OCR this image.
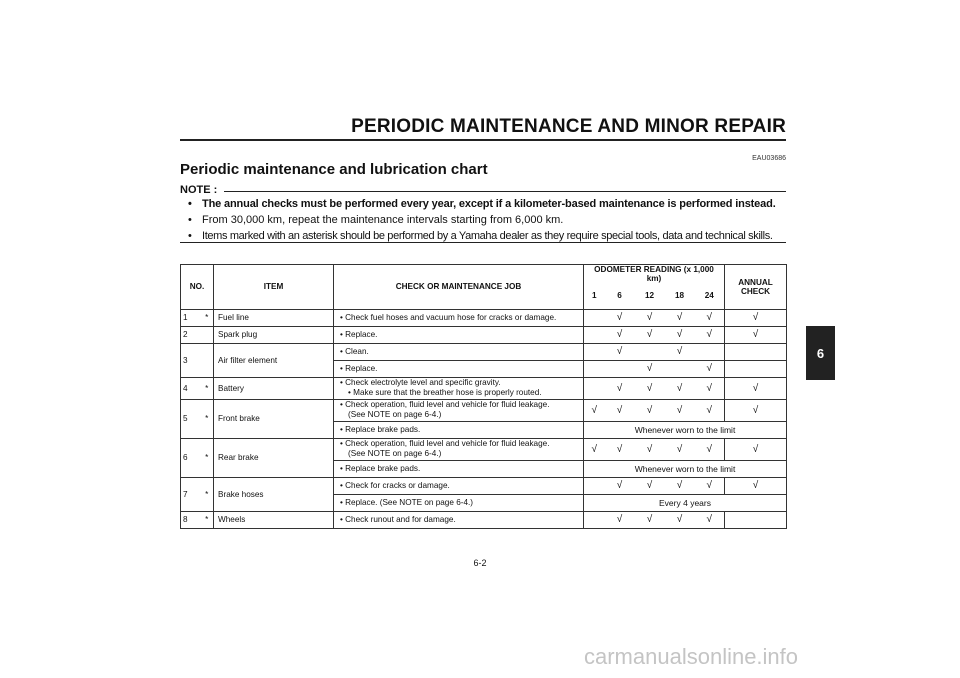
PERIODIC MAINTENANCE AND MINOR REPAIR
EAU03686
Periodic maintenance and lubrication chart
NOTE :
• The annual checks must be performed every year, except if a kilometer-based maintenance is performed instead.
• From 30,000 km, repeat the maintenance intervals starting from 6,000 km.
• Items marked with an asterisk should be performed by a Yamaha dealer as they require special tools, data and technical skills.
NO.		ITEM	CHECK OR MAINTENANCE JOB	ODOMETER READING (x 1,000 km)					ANNUAL CHECK
				1	6	12	18	24	
1	*	Fuel line	• Check fuel hoses and vacuum hose for cracks or damage.		√	√	√	√	√
2		Spark plug	• Replace.		√	√	√	√	√
3		Air filter element	• Clean.		√		√		

			• Replace.			√		√	
4	*	Battery	• Check electrolyte level and specific gravity.
• Make sure that the breather hose is properly routed.		√	√	√	√	√
5	*	Front brake	• Check operation, fluid level and vehicle for fluid leakage.
(See NOTE on page 6-4.)	√	√	√	√	√	√

			• Replace brake pads.	Whenever worn to the limit					
6	*	Rear brake	• Check operation, fluid level and vehicle for fluid leakage.
(See NOTE on page 6-4.)	√	√	√	√	√	√

			• Replace brake pads.	Whenever worn to the limit					
7	*	Brake hoses	• Check for cracks or damage.		√	√	√	√	√

			• Replace. (See NOTE on page 6-4.)	Every 4 years					
8	*	Wheels	• Check runout and for damage.		√	√	√	√	
6
6-2
carmanualsonline.info
